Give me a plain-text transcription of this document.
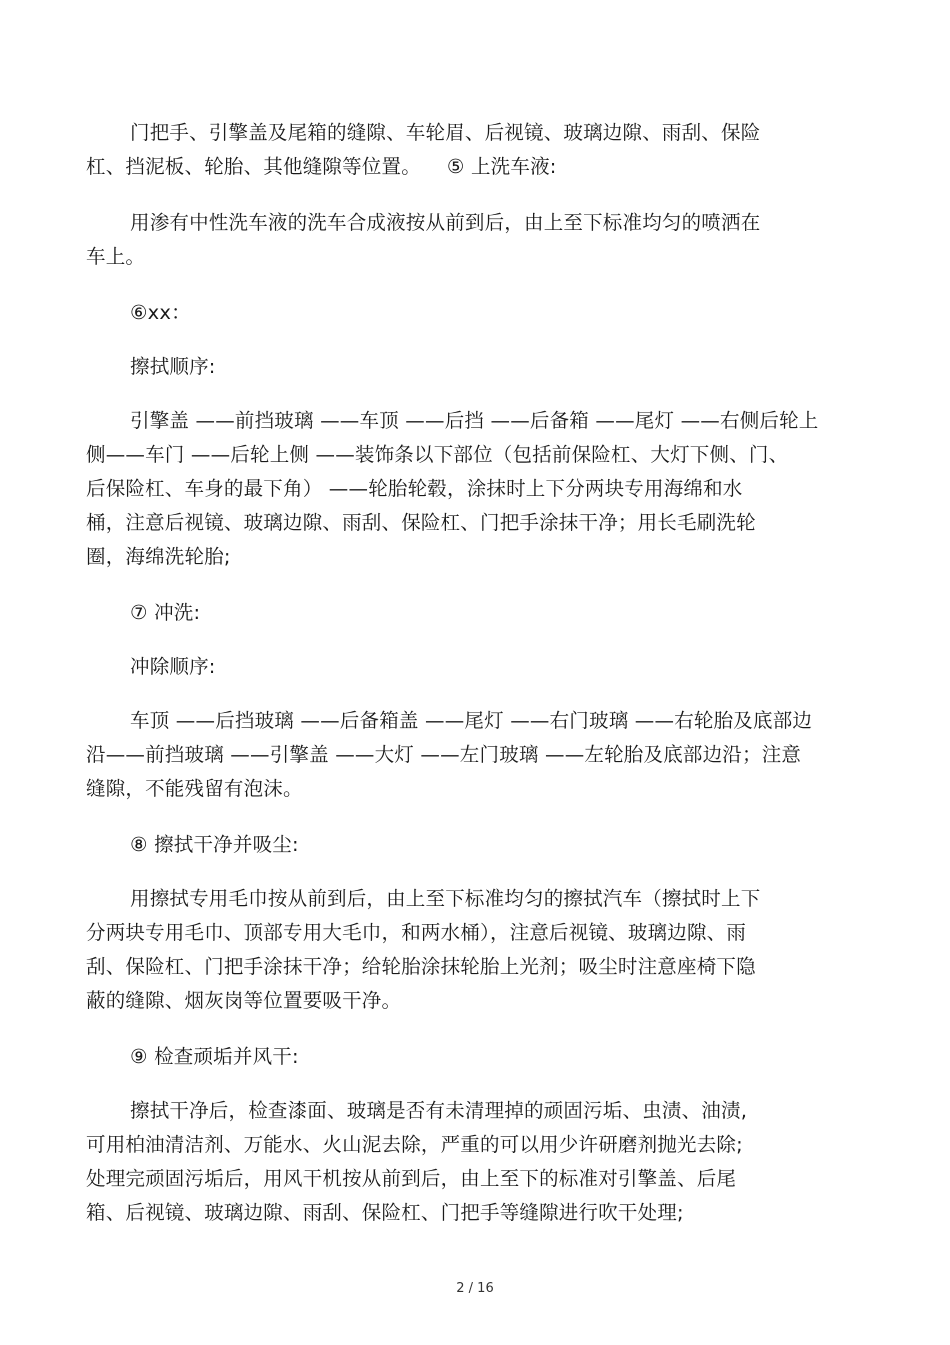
门把手、引擎盖及尾箱的缝隙、车轮眉、后视镜、玻璃边隙、雨刮、保险
杠、挡泥板、轮胎、其他缝隙等位置。 ⑤ 上洗车液:
用渗有中性洗车液的洗车合成液按从前到后，由上至下标准均匀的喷洒在
车上。
⑥xx：
擦拭顺序:
引擎盖 ——前挡玻璃 ——车顶 ——后挡 ——后备箱 ——尾灯 ——右侧后轮上
侧——车门 ——后轮上侧 ——装饰条以下部位（包括前保险杠、大灯下侧、门、
后保险杠、车身的最下角） ——轮胎轮毂，涂抹时上下分两块专用海绵和水
桶，注意后视镜、玻璃边隙、雨刮、保险杠、门把手涂抹干净；用长毛刷洗轮
圈，海绵洗轮胎;
⑦ 冲洗:
冲除顺序:
车顶 ——后挡玻璃 ——后备箱盖 ——尾灯 ——右门玻璃 ——右轮胎及底部边
沿——前挡玻璃 ——引擎盖 ——大灯 ——左门玻璃 ——左轮胎及底部边沿；注意
缝隙，不能残留有泡沫。
⑧ 擦拭干净并吸尘:
用擦拭专用毛巾按从前到后，由上至下标准均匀的擦拭汽车（擦拭时上下
分两块专用毛巾、顶部专用大毛巾，和两水桶），注意后视镜、玻璃边隙、雨
刮、保险杠、门把手涂抹干净；给轮胎涂抹轮胎上光剂；吸尘时注意座椅下隐
蔽的缝隙、烟灰岗等位置要吸干净。
⑨ 检查顽垢并风干:
擦拭干净后，检查漆面、玻璃是否有未清理掉的顽固污垢、虫渍、油渍,
可用柏油清洁剂、万能水、火山泥去除，严重的可以用少许研磨剂抛光去除;
处理完顽固污垢后，用风干机按从前到后，由上至下的标准对引擎盖、后尾
箱、后视镜、玻璃边隙、雨刮、保险杠、门把手等缝隙进行吹干处理;
2 / 16
